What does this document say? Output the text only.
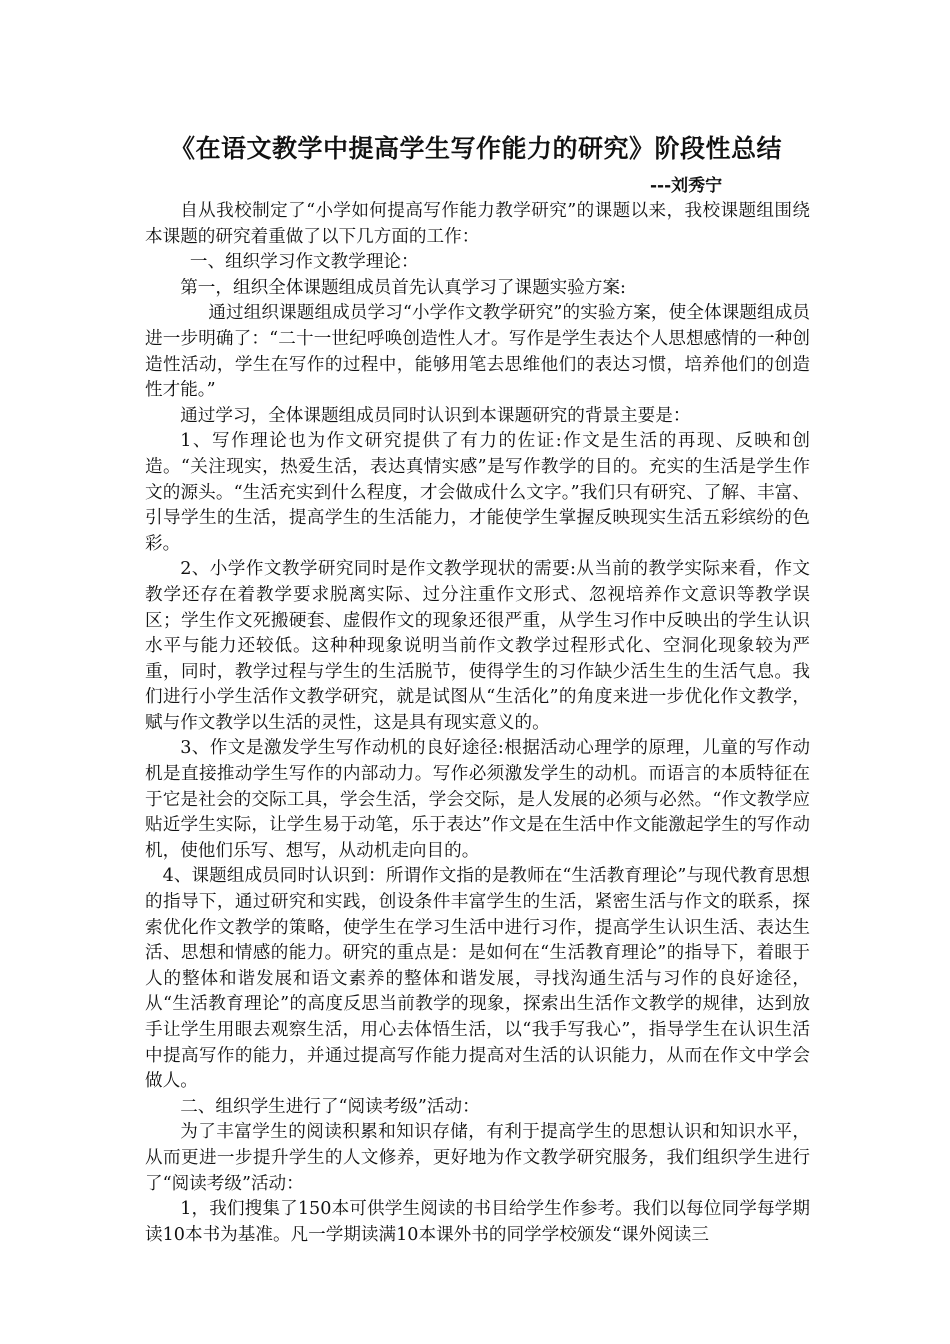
《在语文教学中提高学生写作能力的研究》阶段性总结
---刘秀宁

自从我校制定了“小学如何提高写作能力教学研究”的课题以来，我校课题组围绕本课题的研究着重做了以下几方面的工作：

一、组织学习作文教学理论：

第一，组织全体课题组成员首先认真学习了课题实验方案:

通过组织课题组成员学习“小学作文教学研究”的实验方案，使全体课题组成员进一步明确了：“二十一世纪呼唤创造性人才。写作是学生表达个人思想感情的一种创造性活动，学生在写作的过程中，能够用笔去思维他们的表达习惯，培养他们的创造性才能。”

通过学习，全体课题组成员同时认识到本课题研究的背景主要是：

1、写作理论也为作文研究提供了有力的佐证:作文是生活的再现、反映和创造。“关注现实，热爱生活，表达真情实感”是写作教学的目的。充实的生活是学生作文的源头。“生活充实到什么程度，才会做成什么文字。”我们只有研究、了解、丰富、引导学生的生活，提高学生的生活能力，才能使学生掌握反映现实生活五彩缤纷的色彩。

2、小学作文教学研究同时是作文教学现状的需要:从当前的教学实际来看，作文教学还存在着教学要求脱离实际、过分注重作文形式、忽视培养作文意识等教学误区；学生作文死搬硬套、虚假作文的现象还很严重，从学生习作中反映出的学生认识水平与能力还较低。这种种现象说明当前作文教学过程形式化、空洞化现象较为严重，同时，教学过程与学生的生活脱节，使得学生的习作缺少活生生的生活气息。我们进行小学生活作文教学研究，就是试图从“生活化”的角度来进一步优化作文教学，赋与作文教学以生活的灵性，这是具有现实意义的。

3、作文是激发学生写作动机的良好途径:根据活动心理学的原理，儿童的写作动机是直接推动学生写作的内部动力。写作必须激发学生的动机。而语言的本质特征在于它是社会的交际工具，学会生活，学会交际，是人发展的必须与必然。“作文教学应贴近学生实际，让学生易于动笔，乐于表达”作文是在生活中作文能激起学生的写作动机，使他们乐写、想写，从动机走向目的。

4、课题组成员同时认识到：所谓作文指的是教师在“生活教育理论”与现代教育思想的指导下，通过研究和实践，创设条件丰富学生的生活，紧密生活与作文的联系，探索优化作文教学的策略，使学生在学习生活中进行习作，提高学生认识生活、表达生活、思想和情感的能力。研究的重点是：是如何在“生活教育理论”的指导下，着眼于人的整体和谐发展和语文素养的整体和谐发展，寻找沟通生活与习作的良好途径，从“生活教育理论”的高度反思当前教学的现象，探索出生活作文教学的规律，达到放手让学生用眼去观察生活，用心去体悟生活，以“我手写我心”，指导学生在认识生活中提高写作的能力，并通过提高写作能力提高对生活的认识能力，从而在作文中学会做人。

二、组织学生进行了“阅读考级”活动：

为了丰富学生的阅读积累和知识存储，有利于提高学生的思想认识和知识水平，从而更进一步提升学生的人文修养，更好地为作文教学研究服务，我们组织学生进行了“阅读考级”活动：

1，我们搜集了150本可供学生阅读的书目给学生作参考。我们以每位同学每学期读10本书为基准。凡一学期读满10本课外书的同学学校颁发“课外阅读三
